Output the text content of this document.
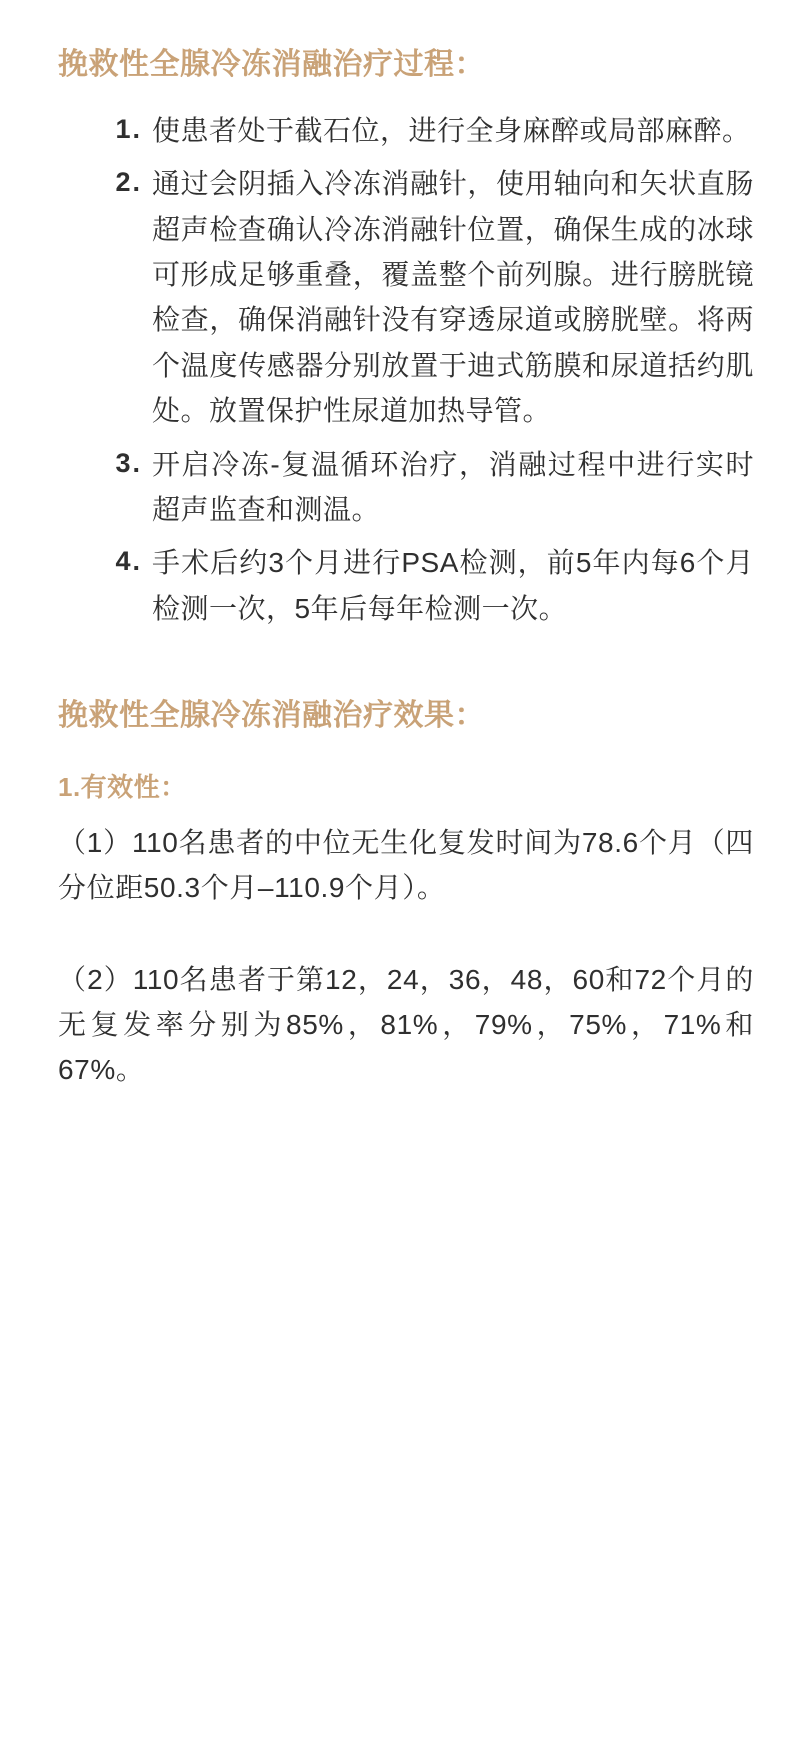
挽救性全腺冷冻消融治疗过程：
使患者处于截石位，进行全身麻醉或局部麻醉。
通过会阴插入冷冻消融针，使用轴向和矢状直肠超声检查确认冷冻消融针位置，确保生成的冰球可形成足够重叠，覆盖整个前列腺。进行膀胱镜检查，确保消融针没有穿透尿道或膀胱壁。将两个温度传感器分别放置于迪式筋膜和尿道括约肌处。放置保护性尿道加热导管。
开启冷冻-复温循环治疗，消融过程中进行实时超声监查和测温。
手术后约3个月进行PSA检测，前5年内每6个月检测一次，5年后每年检测一次。
挽救性全腺冷冻消融治疗效果：
1.有效性：

（1）110名患者的中位无生化复发时间为78.6个月（四分位距50.3个月–110.9个月）。

（2）110名患者于第12，24，36，48，60和72个月的无复发率分别为85%，81%，79%，75%，71%和67%。
